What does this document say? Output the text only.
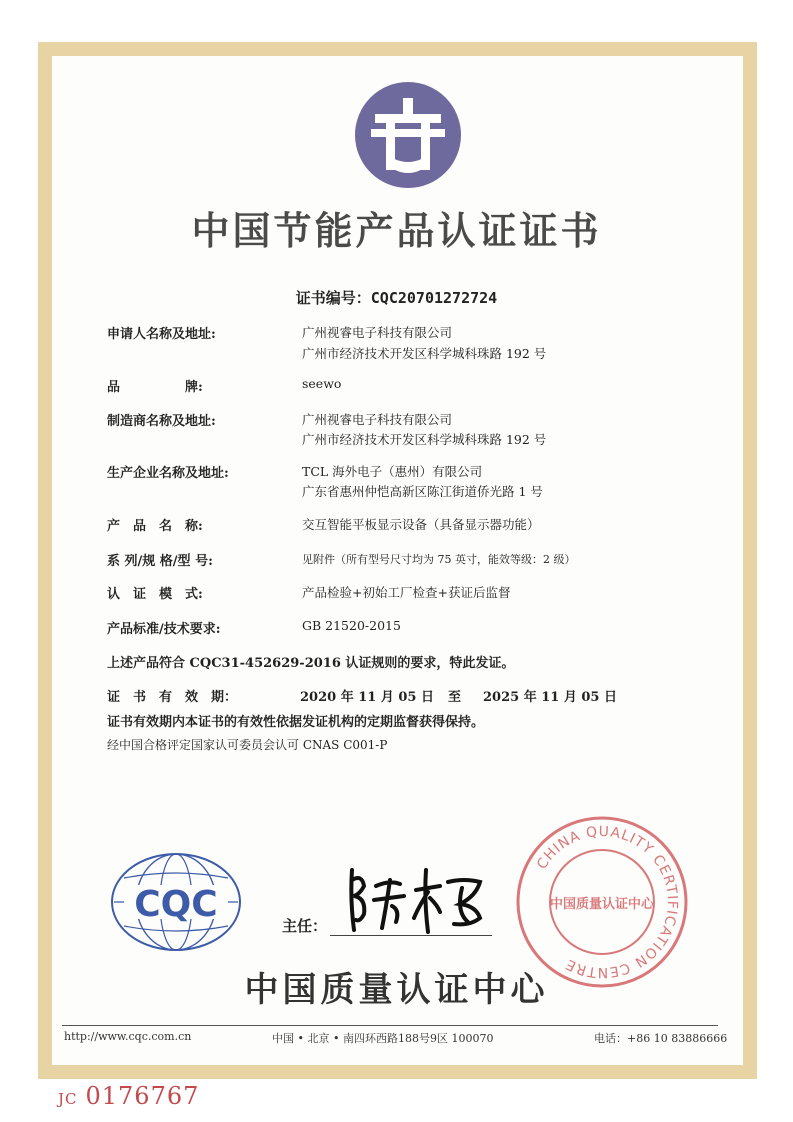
中国节能产品认证证书
证书编号：CQC20701272724
申请人名称及地址:	广州视睿电子科技有限公司
广州市经济技术开发区科学城科珠路 192 号
品　　　　　牌:	seewo
制造商名称及地址:	广州视睿电子科技有限公司
广州市经济技术开发区科学城科珠路 192 号
生产企业名称及地址:	TCL 海外电子（惠州）有限公司
广东省惠州仲恺高新区陈江街道侨光路 1 号
产　品　名　称:	交互智能平板显示设备（具备显示器功能）
系 列/规 格/型 号:	见附件（所有型号尺寸均为 75 英寸，能效等级：2 级）
认　证　模　式:	产品检验+初始工厂检查+获证后监督
产品标准/技术要求:	GB 21520-2015
上述产品符合 CQC31-452629-2016 认证规则的要求，特此发证。
证　书　有　效　期：	2020 年 11 月 05 日 至 2025 年 11 月 05 日
证书有效期内本证书的有效性依据发证机构的定期监督获得保持。
经中国合格评定国家认可委员会认可 CNAS C001-P
CQC
主任：
CHINA QUALITY CERTIFICATION CENTRE
中国质量认证中心
中国质量认证中心
http://www.cqc.com.cn	中国 • 北京 • 南四环西路188号9区 100070	电话：+86 10 83886666
JC 0176767
